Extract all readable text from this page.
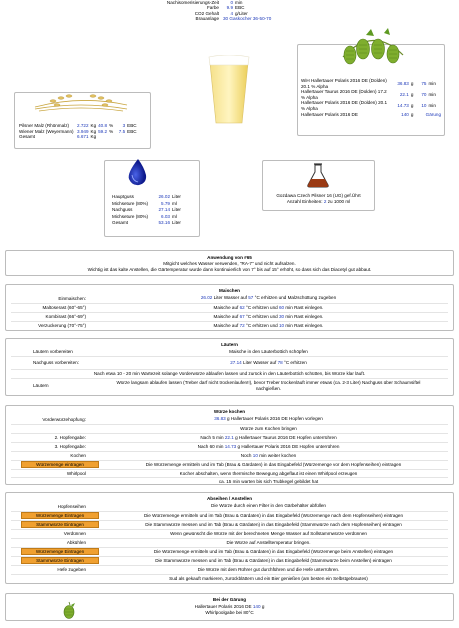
Nachisomerisierungs-Zeit	0	min
Farbe	9.9	EBC
CO2 Gehalt	4	g/Liter
Brauanlage	30 Gaskocher 36-50-70	
WiH Hallertauer Polaris 2016 DE (Dolden) 20.1 % Alpha	36.83	g	75	min
Hallertauer Taurus 2016 DE (Dolden) 17.2 % Alpha	22.1	g	70	min
Hallertauer Polaris 2016 DE (Dolden) 20.1 % Alpha	14.73	g	10	min
Hallertauer Polaris 2016 DE	140	g	Gärung	
Pilsner Malz (Rhönmalz)	2.722	Kg	40.8	%	3	EBC
Wiener Malz (Weyermann)	3.949	Kg	59.2	%	7.5	EBC
Gesamt	6.671	Kg				
Hauptguss	26.02	Liter
Michseture (80%)	5.79	ml
Nachguss	27.14	Liter
Michseture (80%)	6.03	ml
Gesamt	53.16	Liter
Gozdawa Czech Pilsner 16 (UG) gef.Ührt
Anzahl Einheiten: 2 zu 1000 ml
Anwendung von #65
Mitgicht welches Wasser verwenden, "RA-7" und nicht aufsalzen.
Wichtig ist das kalte Anstellen, die Gärtemperatur wurde dann kontinuierlich von 7° bis auf 15° erhöht, so dass sich das Diacetyl gut abbaut.
Maischen
Einmaischen:	26.02 Liter Wasser auf 57 °C erhitzen und Malzschüttung zugeben
Maltoserast (60°-65°)	Maische auf 62 °C erhitzen und 60 min Rast einlegen.
Kombirast (66°-69°)	Maische auf 67 °C erhitzen und 30 min Rast einlegen.
Verzuckerung (70°-75°)	Maische auf 72 °C erhitzen und 10 min Rast einlegen.
Läutern
Läutern vorbereiten	Maische in den Läuterbottich schöpfen
Nachguss vorbereiten:	27.14 Liter Wasser auf 78 °C erhitzen
Nach etwa 10 - 20 min Wartezeit solange Vorderwürze ablaufen lassen und zurück in den Läuterbottich schütten, bis Würze klar läuft.
Läutern
Würze langsam ablaufen lassen (Treber darf nicht trockenlaufen!!), bevor Treber trockenläuft immer etwas (ca. 2-3 Liter) Nachguss über Schaumsiftel nachgießen.
Würze kochen
Vorderwürzehopfung:	36.83 g Hallertauer Polaris 2016 DE Hopfen vorlegen
Würze zum Kochen bringen
2. Hopfengabe:	Nach 5 min 22.1 g Hallertauer Taurus 2016 DE Hopfen unterrühren
3. Hopfengabe:	Nach 60 min 14.73 g Hallertauer Polaris 2016 DE Hopfen unterrühren
Kochen	Noch 10 min weiter kochen
Würzemenge eintragen	Die Würzemenge ermitteln und im Tab (Brau & Gärdaten) in das Eingabefeld (Würzemenge vor dem Hopfenseihen) eintragen
Whirlpool	Kocher abschalten, wenn thermische Bewegung abgeflaut ist einen Whirlpool erzeugen
ca. 15 min warten bis sich Trubkegel gebildet hat
Abseihen / Anstellen
Hopfenseihen	Die Würze durch einen Filter in den Gärbehälter abfüllen
Würzemenge Eintragen	Die Würzemenge ermitteln und im Tab (Brau & Gärdaten) in das Eingabefeld (Würzemenge nach dem Hopfenseihen) eintragen
Stammwürze Eintragen	Die Stammwürze messen und im Tab (Brau & Gärdaten) in das Eingabefeld (Stammwürze nach dem Hopfenseihen) eintragen
Verdünnen	Wenn gewünscht die Würze mit der berechneten Menge Wasser auf Sollstammwürze verdünnen
Abkühlen	Die Würze auf Anstelltemperatur bringen.
Würzemenge Eintragen	Die Würzemenge ermitteln und im Tab (Brau & Gärdaten) in das Eingabefeld (Würzemenge beim Anstellen) eintragen
Stammwürze Eintragen	Die Stammwürze messen und im Tab (Brau & Gärdaten) in das Eingabefeld (Stammwürze beim Anstellen) eintragen
Hefe zugeben	Die Würze mit dem Rührer gut durchführen und die Hefe unterrühren.
Sud als gekauft markieren, zurückblättern und ein Bier genießen (am besten ein Selbstgebrautes)
Bei der Gärung
Hallertauer Polaris 2016 DE 140 g
Whirlpoolgabe bei 80°C
